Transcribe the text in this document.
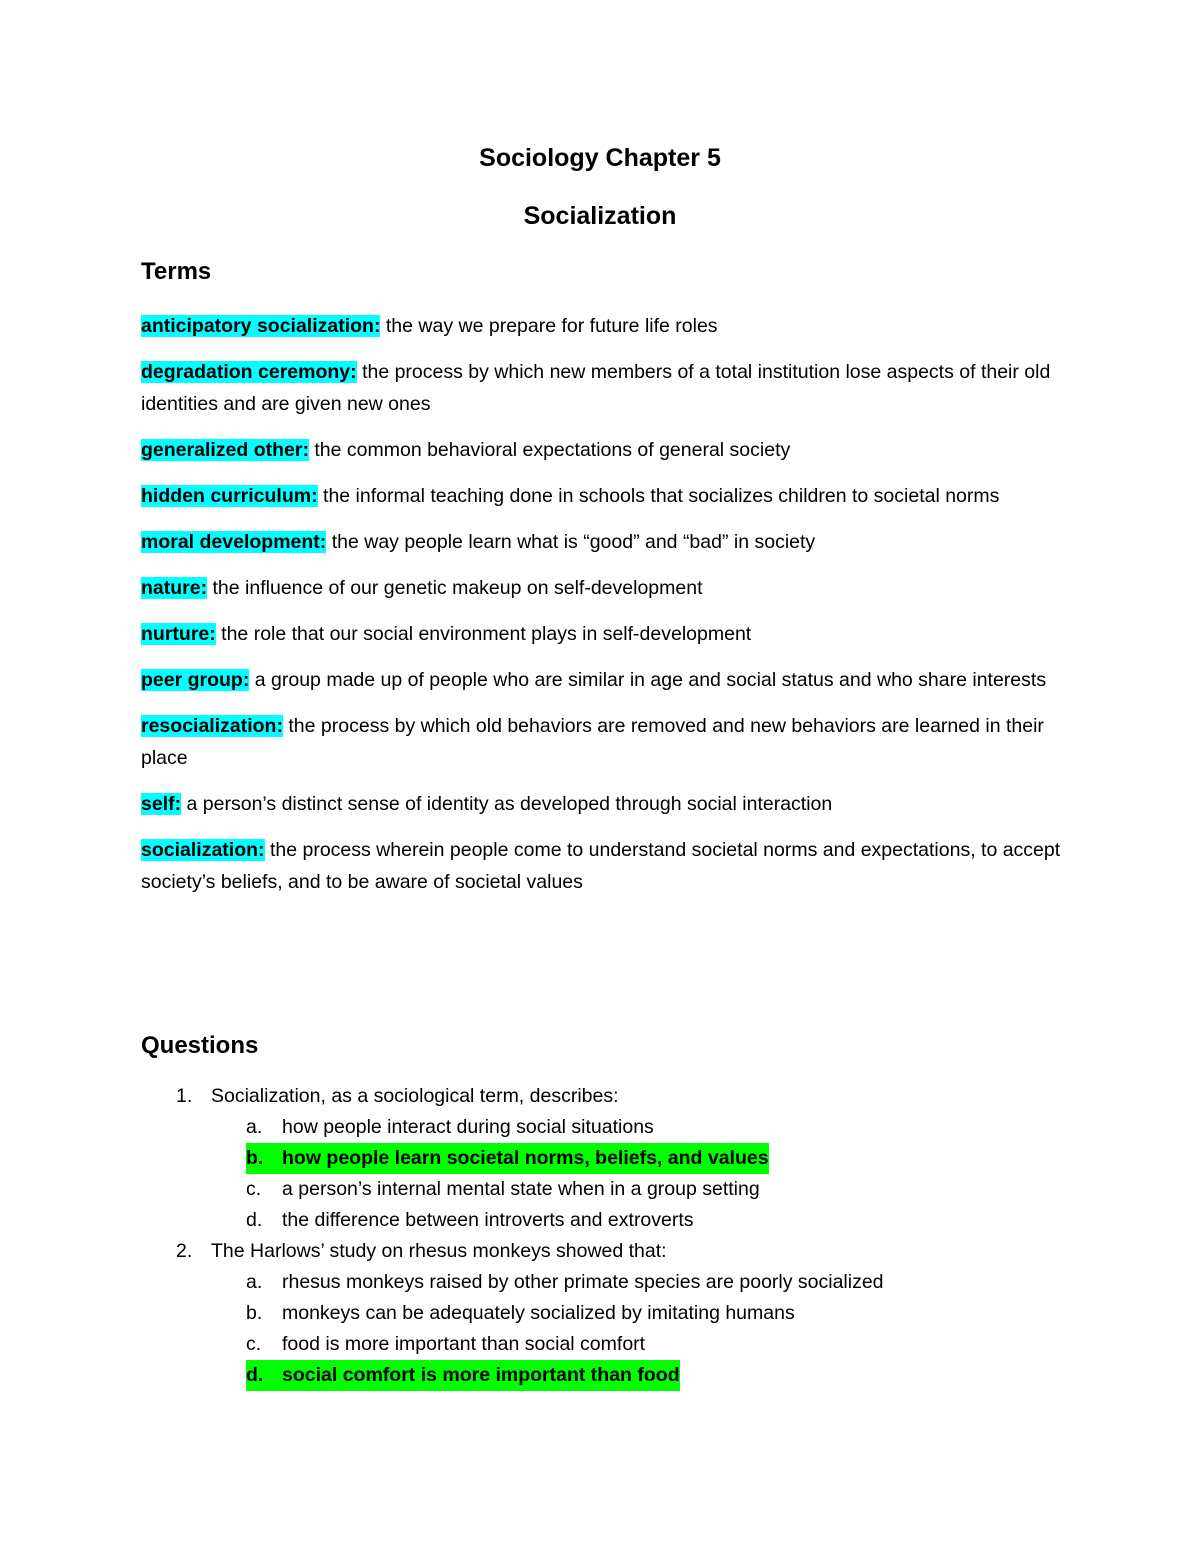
Sociology Chapter 5
Socialization
Terms

anticipatory socialization: the way we prepare for future life roles

degradation ceremony: the process by which new members of a total institution lose aspects of their old identities and are given new ones

generalized other: the common behavioral expectations of general society

hidden curriculum: the informal teaching done in schools that socializes children to societal norms

moral development: the way people learn what is “good” and “bad” in society

nature: the influence of our genetic makeup on self-development

nurture: the role that our social environment plays in self-development

peer group: a group made up of people who are similar in age and social status and who share interests

resocialization: the process by which old behaviors are removed and new behaviors are learned in their place

self: a person’s distinct sense of identity as developed through social interaction

socialization: the process wherein people come to understand societal norms and expectations, to accept society’s beliefs, and to be aware of societal values

Questions
1. Socialization, as a sociological term, describes:
a.	how people interact during social situations
b. how people learn societal norms, beliefs, and values
c.	a person’s internal mental state when in a group setting
d.	the difference between introverts and extroverts
2. The Harlows’ study on rhesus monkeys showed that:
a.	rhesus monkeys raised by other primate species are poorly socialized
b.	monkeys can be adequately socialized by imitating humans
c.	food is more important than social comfort
d. social comfort is more important than food
